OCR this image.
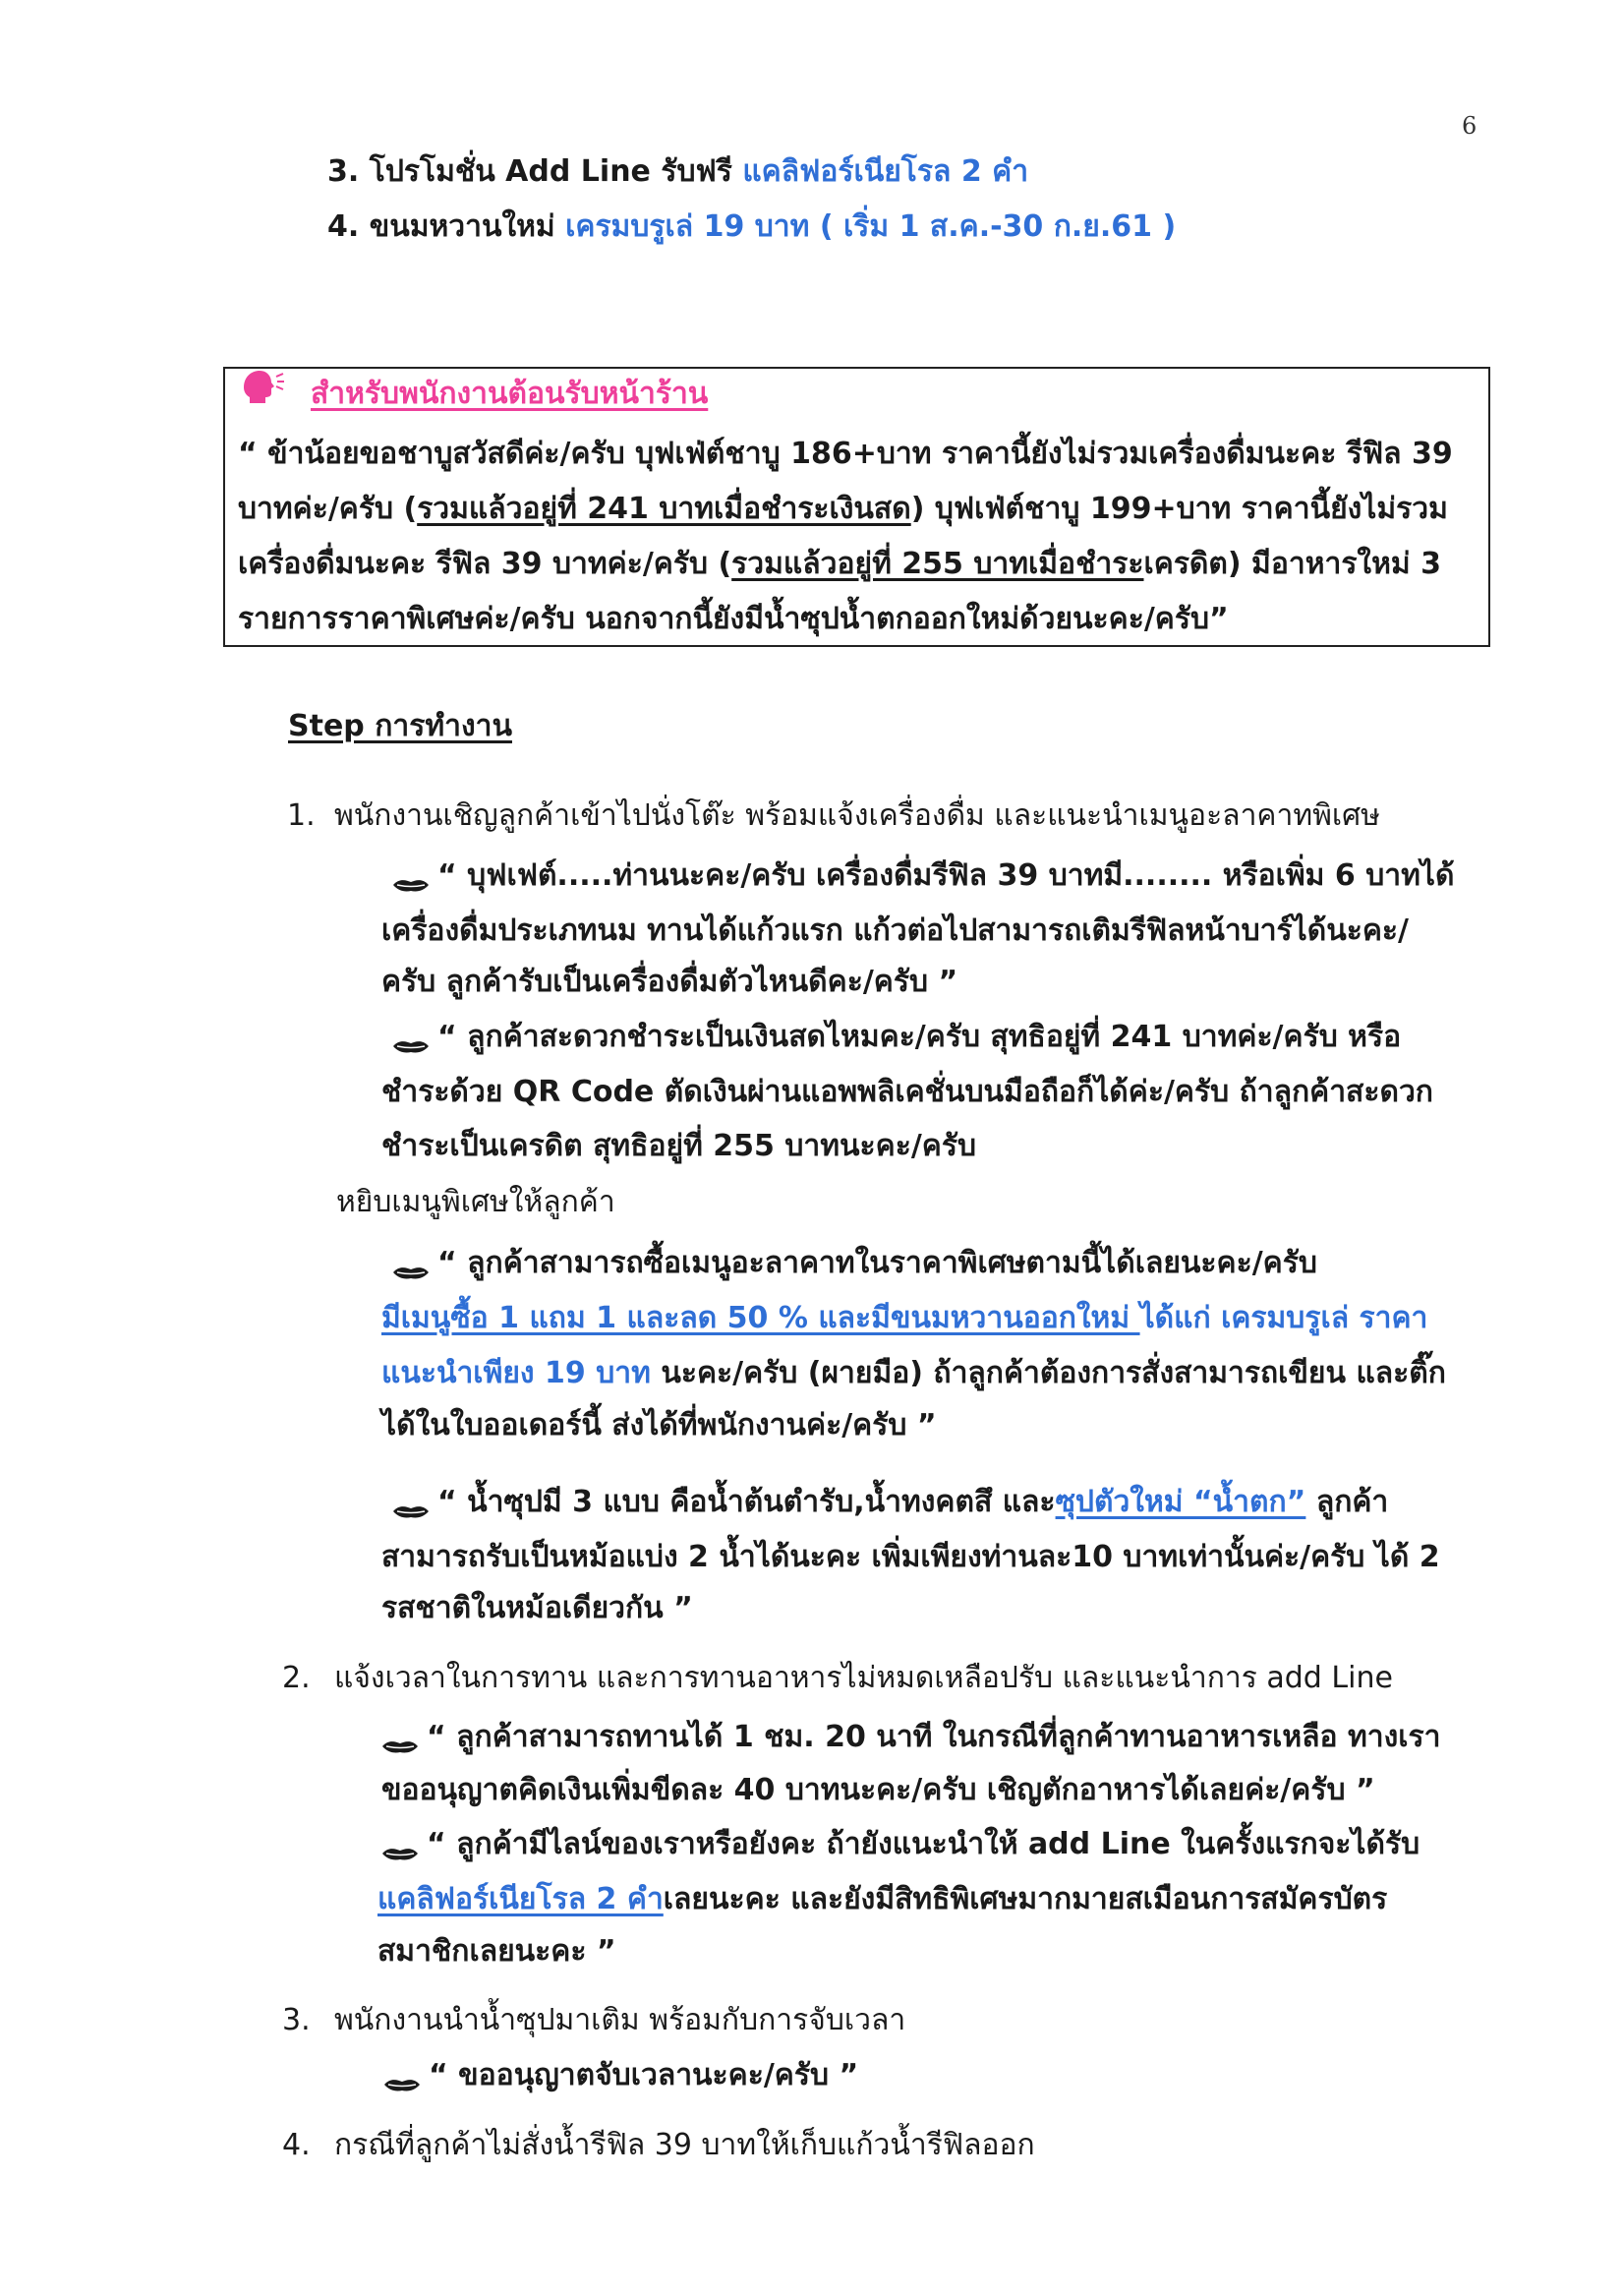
6
3. โปรโมชั่น Add Line รับฟรี แคลิฟอร์เนียโรล 2 คำ
4. ขนมหวานใหม่ เครมบรูเล่ 19 บาท ( เริ่ม 1 ส.ค.-30 ก.ย.61 )
สำหรับพนักงานต้อนรับหน้าร้าน
“ ข้าน้อยขอชาบูสวัสดีค่ะ/ครับ บุฟเฟ่ต์ชาบู 186+บาท ราคานี้ยังไม่รวมเครื่องดื่มนะคะ รีฟิล 39
บาทค่ะ/ครับ (รวมแล้วอยู่ที่ 241 บาทเมื่อชำระเงินสด) บุฟเฟ่ต์ชาบู 199+บาท ราคานี้ยังไม่รวม
เครื่องดื่มนะคะ รีฟิล 39 บาทค่ะ/ครับ (รวมแล้วอยู่ที่ 255 บาทเมื่อชำระเครดิต) มีอาหารใหม่ 3
รายการราคาพิเศษค่ะ/ครับ นอกจากนี้ยังมีน้ำซุปน้ำตกออกใหม่ด้วยนะคะ/ครับ”
Step การทำงาน
1. พนักงานเชิญลูกค้าเข้าไปนั่งโต๊ะ พร้อมแจ้งเครื่องดื่ม และแนะนำเมนูอะลาคาทพิเศษ
“ บุฟเฟต์.....ท่านนะคะ/ครับ เครื่องดื่มรีฟิล 39 บาทมี........ หรือเพิ่ม 6 บาทได้
เครื่องดื่มประเภทนม ทานได้แก้วแรก แก้วต่อไปสามารถเติมรีฟิลหน้าบาร์ได้นะคะ/
ครับ ลูกค้ารับเป็นเครื่องดื่มตัวไหนดีคะ/ครับ ”
“ ลูกค้าสะดวกชำระเป็นเงินสดไหมคะ/ครับ สุทธิอยู่ที่ 241 บาทค่ะ/ครับ หรือ
ชำระด้วย QR Code ตัดเงินผ่านแอพพลิเคชั่นบนมือถือก็ได้ค่ะ/ครับ ถ้าลูกค้าสะดวก
ชำระเป็นเครดิต สุทธิอยู่ที่ 255 บาทนะคะ/ครับ
หยิบเมนูพิเศษให้ลูกค้า
“ ลูกค้าสามารถซื้อเมนูอะลาคาทในราคาพิเศษตามนี้ได้เลยนะคะ/ครับ
มีเมนูซื้อ 1 แถม 1 และลด 50 % และมีขนมหวานออกใหม่ ได้แก่ เครมบรูเล่ ราคา
แนะนำเพียง 19 บาท นะคะ/ครับ (ผายมือ) ถ้าลูกค้าต้องการสั่งสามารถเขียน และติ๊ก
ได้ในใบออเดอร์นี้ ส่งได้ที่พนักงานค่ะ/ครับ ”
“ น้ำซุปมี 3 แบบ คือน้ำต้นตำรับ,น้ำทงคตสึ และซุปตัวใหม่ “น้ำตก” ลูกค้า
สามารถรับเป็นหม้อแบ่ง 2 น้ำได้นะคะ เพิ่มเพียงท่านละ10 บาทเท่านั้นค่ะ/ครับ ได้ 2
รสชาติในหม้อเดียวกัน ”
2. แจ้งเวลาในการทาน และการทานอาหารไม่หมดเหลือปรับ และแนะนำการ add Line
“ ลูกค้าสามารถทานได้ 1 ชม. 20 นาที ในกรณีที่ลูกค้าทานอาหารเหลือ ทางเรา
ขออนุญาตคิดเงินเพิ่มขีดละ 40 บาทนะคะ/ครับ เชิญตักอาหารได้เลยค่ะ/ครับ ”
“ ลูกค้ามีไลน์ของเราหรือยังคะ ถ้ายังแนะนำให้ add Line ในครั้งแรกจะได้รับ
แคลิฟอร์เนียโรล 2 คำเลยนะคะ และยังมีสิทธิพิเศษมากมายสเมือนการสมัครบัตร
สมาชิกเลยนะคะ ”
3. พนักงานนำน้ำซุปมาเติม พร้อมกับการจับเวลา
“ ขออนุญาตจับเวลานะคะ/ครับ ”
4. กรณีที่ลูกค้าไม่สั่งน้ำรีฟิล 39 บาทให้เก็บแก้วน้ำรีฟิลออก
